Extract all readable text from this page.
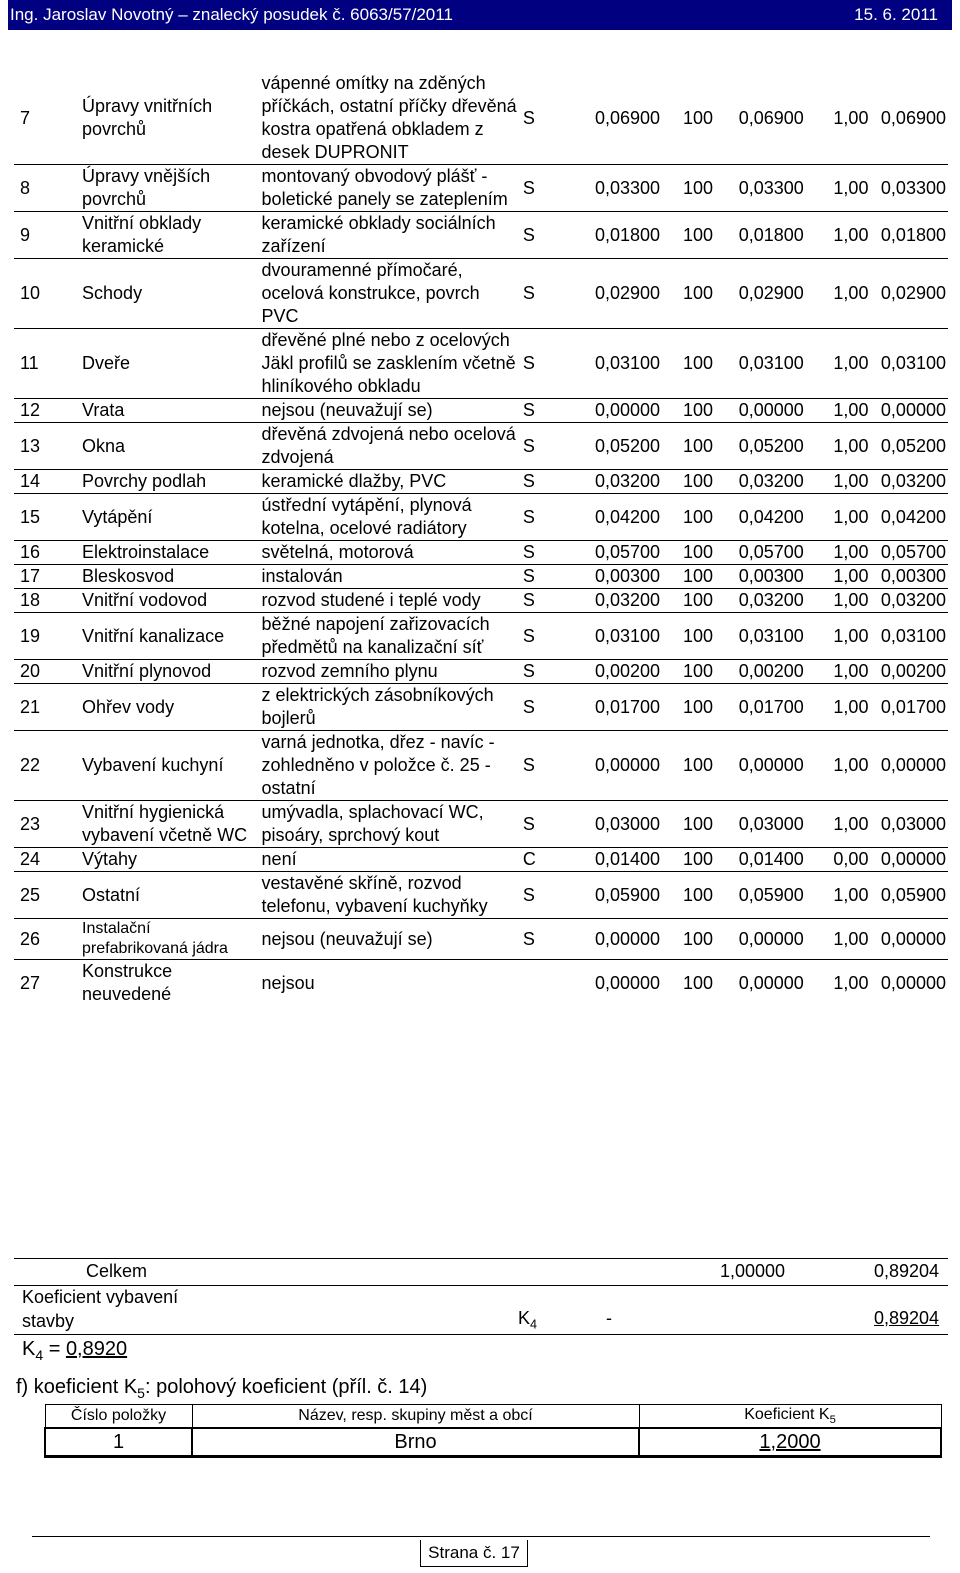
Ing. Jaroslav Novotný – znalecký posudek č. 6063/57/2011	15. 6. 2011
7	Úpravy vnitřních povrchů	vápenné omítky na zděných příčkách, ostatní příčky dřevěná kostra opatřená obkladem z desek DUPRONIT	S	0,06900	100	0,06900	1,00	0,06900
8	Úpravy vnějších povrchů	montovaný obvodový plášť - boletické panely se zateplením	S	0,03300	100	0,03300	1,00	0,03300
9	Vnitřní obklady keramické	keramické obklady sociálních zařízení	S	0,01800	100	0,01800	1,00	0,01800
10	Schody	dvouramenné přímočaré, ocelová konstrukce, povrch PVC	S	0,02900	100	0,02900	1,00	0,02900
11	Dveře	dřevěné plné nebo z ocelových Jäkl profilů se zasklením včetně hliníkového obkladu	S	0,03100	100	0,03100	1,00	0,03100
12	Vrata	nejsou (neuvažují se)	S	0,00000	100	0,00000	1,00	0,00000
13	Okna	dřevěná zdvojená nebo ocelová zdvojená	S	0,05200	100	0,05200	1,00	0,05200
14	Povrchy podlah	keramické dlažby, PVC	S	0,03200	100	0,03200	1,00	0,03200
15	Vytápění	ústřední vytápění, plynová kotelna, ocelové radiátory	S	0,04200	100	0,04200	1,00	0,04200
16	Elektroinstalace	světelná, motorová	S	0,05700	100	0,05700	1,00	0,05700
17	Bleskosvod	instalován	S	0,00300	100	0,00300	1,00	0,00300
18	Vnitřní vodovod	rozvod studené i teplé vody	S	0,03200	100	0,03200	1,00	0,03200
19	Vnitřní kanalizace	běžné napojení zařizovacích předmětů na kanalizační síť	S	0,03100	100	0,03100	1,00	0,03100
20	Vnitřní plynovod	rozvod zemního plynu	S	0,00200	100	0,00200	1,00	0,00200
21	Ohřev vody	z elektrických zásobníkových bojlerů	S	0,01700	100	0,01700	1,00	0,01700
22	Vybavení kuchyní	varná jednotka, dřez - navíc - zohledněno v položce č. 25 - ostatní	S	0,00000	100	0,00000	1,00	0,00000
23	Vnitřní hygienická vybavení včetně WC	umývadla, splachovací WC, pisoáry, sprchový kout	S	0,03000	100	0,03000	1,00	0,03000
24	Výtahy	není	C	0,01400	100	0,01400	0,00	0,00000
25	Ostatní	vestavěné skříně, rozvod telefonu, vybavení kuchyňky	S	0,05900	100	0,05900	1,00	0,05900
26	Instalační prefabrikovaná jádra	nejsou (neuvažují se)	S	0,00000	100	0,00000	1,00	0,00000
27	Konstrukce neuvedené	nejsou		0,00000	100	0,00000	1,00	0,00000
Celkem	1,00000	0,89204
Koeficient vybavení stavby	$K_4$	-	0,89204
$K_4 = 0,8920$
f) koeficient $K_5$: polohový koeficient (příl. č. 14)
Číslo položky	Název, resp. skupiny měst a obcí	Koeficient $K_5$
1	Brno	1,2000
Strana č. 17
